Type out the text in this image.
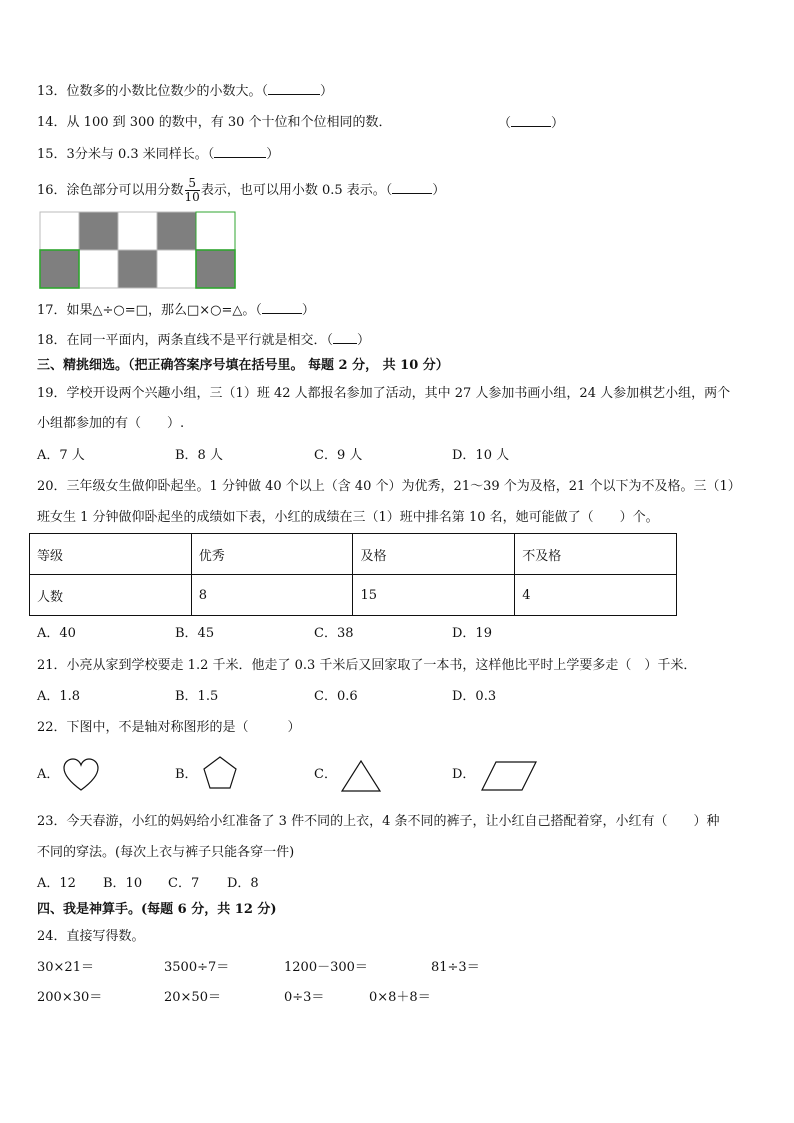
13．位数多的小数比位数少的小数大。（	）
14．从 100 到 300 的数中，有 30 个十位和个位相同的数．	（	）
15．3分米与 0.3 米同样长。（	）
16．涂色部分可以用分数 $\frac{5}{10}$ 表示，也可以用小数 0.5 表示。（	）
17．如果△÷○=□，那么□×○=△。（	）
18．在同一平面内，两条直线不是平行就是相交．（ ）
三、精挑细选。（把正确答案序号填在括号里。 每题 2 分， 共 10 分）
19．学校开设两个兴趣小组，三（1）班 42 人都报名参加了活动，其中 27 人参加书画小组，24 人参加棋艺小组，两个
小组都参加的有（　　）.
A．7 人	B．8 人	C．9 人	D．10 人
20．三年级女生做仰卧起坐。1 分钟做 40 个以上（含 40 个）为优秀，21～39 个为及格，21 个以下为不及格。三（1）
班女生 1 分钟做仰卧起坐的成绩如下表，小红的成绩在三（1）班中排名第 10 名，她可能做了（　　）个。
等级	优秀	及格	不及格
人数	8	15	4
A．40	B．45	C．38	D．19
21．小亮从家到学校要走 1.2 千米．他走了 0.3 千米后又回家取了一本书，这样他比平时上学要多走（　）千米．
A．1.8	B．1.5	C．0.6	D．0.3
22．下图中，不是轴对称图形的是（　　　）
A．	B．	C．	D．
23．今天春游，小红的妈妈给小红准备了 3 件不同的上衣，4 条不同的裤子，让小红自己搭配着穿，小红有（　　）种
不同的穿法。(每次上衣与裤子只能各穿一件)
A．12 B．10 C．7 D．8
四、我是神算手。(每题 6 分，共 12 分)
24．直接写得数。
30×21＝	3500÷7＝	1200－300＝	81÷3＝
200×30＝	20×50＝	0÷3＝	0×8＋8＝
